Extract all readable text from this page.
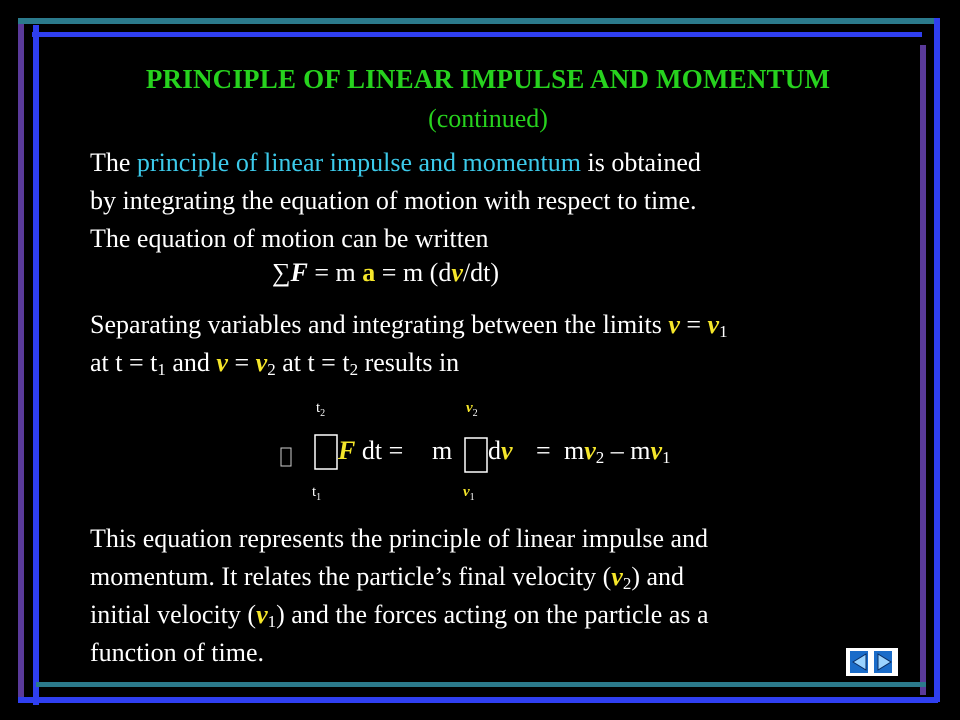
PRINCIPLE OF LINEAR IMPULSE AND MOMENTUM
(continued)
The principle of linear impulse and momentum is obtained
by integrating the equation of motion with respect to time.
The equation of motion can be written
∑F = m a = m (dv/dt)
Separating variables and integrating between the limits $v = v_1$
at $t = t_1$ and $v = v_2$ at $t = t_2$ results in
$t_2$	$v_2$
$t_1$	$v_1$
F dt = m dv = $mv_2 - mv_1$
This equation represents the principle of linear impulse and
momentum. It relates the particle’s final velocity $(v_2)$ and
initial velocity $(v_1)$ and the forces acting on the particle as a
function of time.
